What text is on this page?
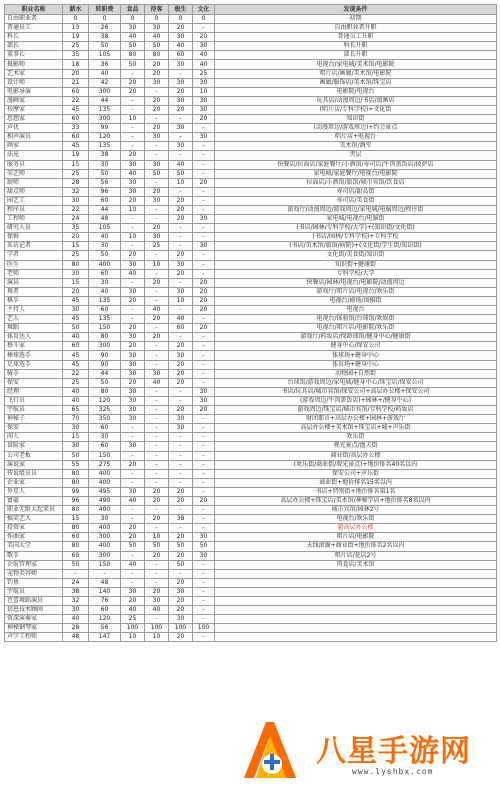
职业名称	薪水	转职费	食品	待客	极生	文化	发现条件
自由职业者	0	0	0	0	0	0	初期
普通员工	13	26	30	30	20	-	自由职业者升职
科长	19	38	40	40	30	20	普通员工升职
部长	25	50	50	50	40	30	科长升职
董事长	35	105	80	80	60	40	部长升职
摄影师	18	36	50	20	30	40	电视台/家电城/美术馆/电影院
艺术家	20	40	-	20	-	25	唱片店/画廊/美术馆/电影院
设计师	21	42	20	30	30	30	画廊/服饰店/美术馆/珠宝店
电影导演	60	300	20	-	20	10	电影院/电视台
漫画家	22	44	-	20	30	30	玩具店/动漫周边/书店/漫画店
按摩家	45	135	-	20	20	30	(唱片店/专科学校)+文化街
思想家	60	300	10	-	-	20	知识街
声优	33	99	-	20	30	-	(动漫周边/游戏周边)+约会景点
相声演员	60	120	-	30	-	30	唱片店+电视台
画家	45	135	-	-	30	-	美术馆/酒堂
法兄	19	38	20	-	-	-	夹层
服务员	15	30	30	30	40	-	快餐店/拉面店/家庭餐厅/小酒馆/寿司店/牛肉盖饭店/披萨店
荣艺师	25	50	40	50	50	-	家电城/家庭餐厅/电视台/电影院
厨师	28	56	30	-	10	20	拉面店/小酒馆/旅馆/城市宾馆/饮食店
甜点师	32	96	30	20	-	-	寿司店/甜品街
园艺工	30	60	20	30	20	-	寿司店/美食街
程序员	22	44	10	-	20	-	游戏厅/动漫周边/游戏周边/家电城/电脑周边/程序街
工程师	24	48	-	-	20	30	家电城/电视台/电脑街
研究人员	35	105	-	20	-	-	(书店/园林/专科学校/大学)+(知识街/文化街)
保姆	20	40	10	30	-	-	(书店/园林/专科学校)+专科学校
采访记者	15	30	-	25	-	30	(书店/美术馆/旅馆/病院)+(文化街/学生街/知识街)
学者	25	50	20	-	20	-	文化街/美食街/知识街
医生	80	400	30	10	30	-	知识街+健康街
老师	30	60	40	-	20	-	专科学校/大学
演员	15	30	-	20	-	20	快餐店/园林/电视台/电影院/动漫周边
舞者	20	40	30	-	30	20	游戏厅/唱片店/电视台/欢乐街
棋手	45	135	20	-	10	20	电视台/剧场/围棋街
主持人	30	60	-	40	-	20	电视台
艺人	45	135	-	20	40	-	电视台/体验馆/台球馆/欢娱街
舞蹈	50	150	20	-	60	20	电视台/唱片店/电影院/欢乐街
体育达人	40	80	30	20	-	-	游戏厅/药妆店/保龄球馆/健身中心/健康街
格斗家	60	300	20	-	20	-	健身中心/保安公司
棒球选手	45	90	30	-	30	-	体球场+健身中心
足球选手	45	90	30	-	20	-	体育场+健身中心
骑手	22	44	30	30	20	-	动物园+自然街
保安	25	50	20	40	20	-	台球馆/游戏周边/家电城/健身中心/珠宝店/保安公司
经理	40	80	30	-	-	30	书店/玩具店/城市宾馆/保安公司+高层办公楼+保安公司
飞行员	40	120	30	-	-	30	(游戏周边/牛肉盖饭店)+园林+/健身中心)
宇航员	65	325	30	-	20	20	游戏周边/珠宝店/城市宾馆/专科学校/药妆店
神秘子	70	350	30	-	30	-	财团都市+高层办公楼+园林+游戏厅
保安	30	60	-	-	30	-	高层办公楼+美术馆+珠宝店+城+声乐街
闲人	15	30	-	-	-	-	欢乐街
冒险家	30	60	30	-	-	-	观光景点/渔夫街
公司老板	50	150	-	-	-	-	商业街/高层办公楼
演说家	55	275	20	-	-	-	(欢乐街/商业街/观光景点)+地价排名40名以内
传说级员员	80	400	-	-	-	-	保安公司+声乐街
企业家	80	400	-	-	-	-	商业街+地价排名15名以内
外星人	99	495	30	20	20	-	书店+特别街+地价排名第1名
富豪	96	490	40	20	20	20	高层办公楼+珠宝店/美术馆/神秘学店+地价排名8名以内
职业无限大起来员	80	400	-	-	-	-	城市宾馆/园林2号
搞笑艺人	15	30	-	20	38	-	电视台/欢乐街
投资家	80	400	20	-	-	-	超高层办公楼
作曲家	60	300	20	10	20	30	唱片店/电影院
美国大学	80	400	50	50	50	50	天线滚囊+商业街+地价排名2名以内
歌手	60	300	-	20	20	30	唱片店/花店2号
企航管理家	50	150	40	-	50	-	肉食店/美术馆
宠物美容师	-	-	-	-	-	-	
钓鱼	24	48	-	-	20	-	
宇航员	38	140	30	20	30	-	
芭蕾舞蹈演员	32	76	20	30	20	-	
信息技术顾问	30	60	40	40	20	-	
资深演奏家	40	120	25	-	30	-	
神秘钢琴家	28	56	100	100	100	100	
声学工程师	48	147	10	10	20	-	
八星手游网
www.lyshbx.com
